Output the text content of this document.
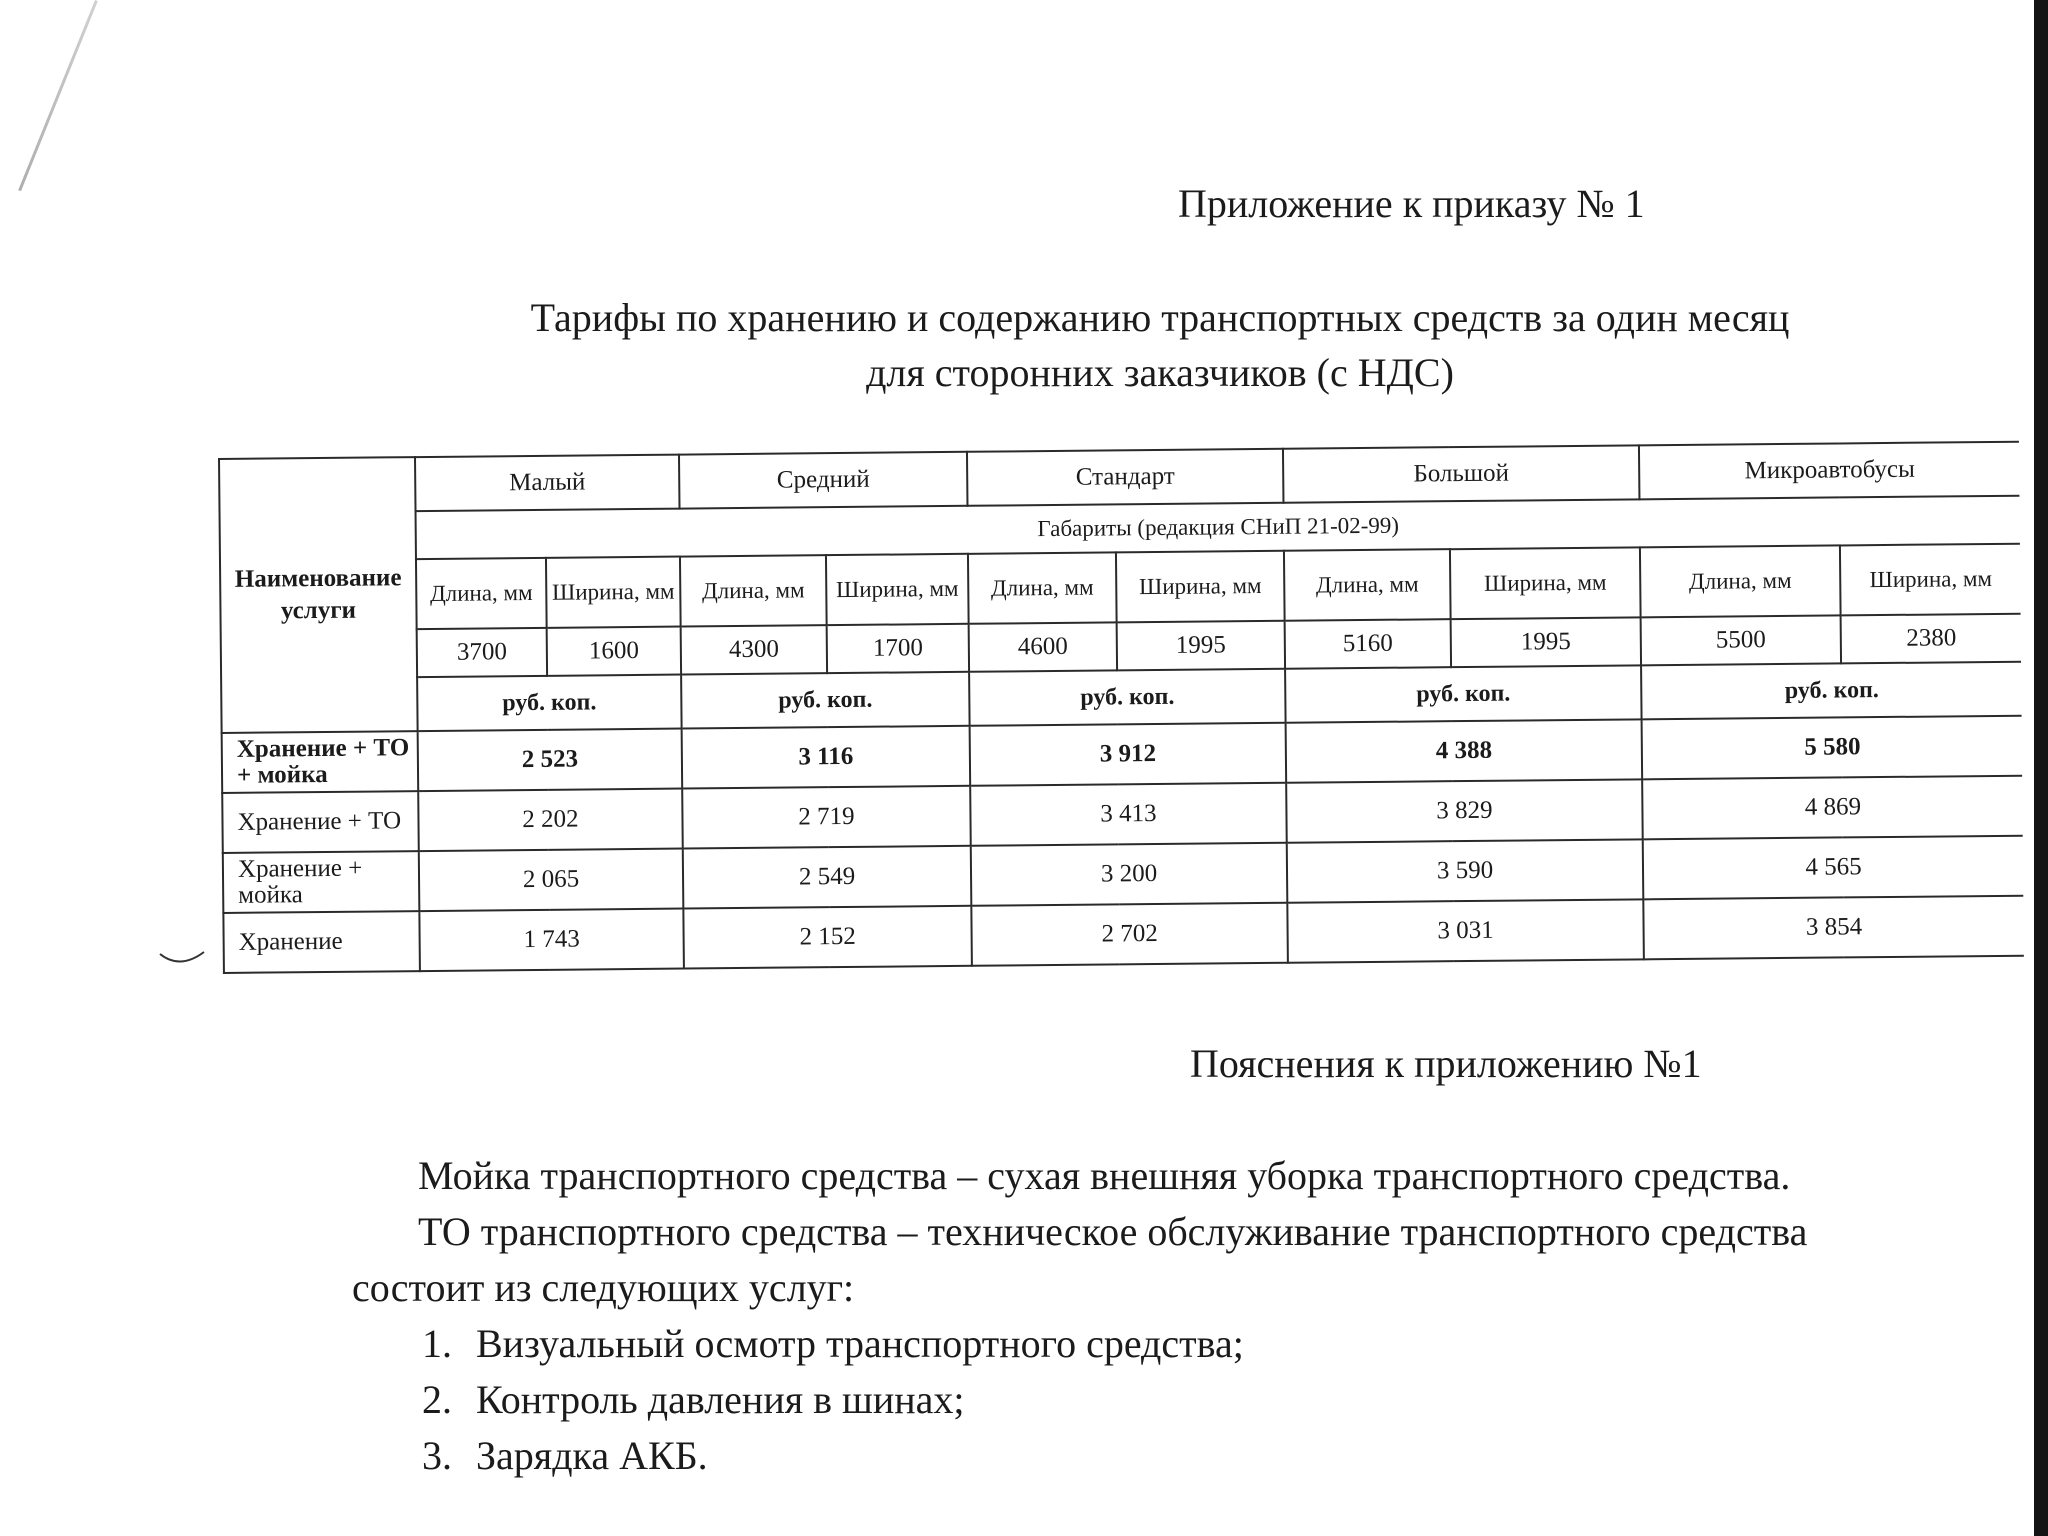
Приложение к приказу № 1
Тарифы по хранению и содержанию транспортных средств за один месяц
для сторонних заказчиков (с НДС)
Наименование услуги	Малый		Средний		Стандарт		Большой		Микроавтобусы	
	Габариты (редакция СНиП 21-02-99)									
	Длина, мм	Ширина, мм	Длина, мм	Ширина, мм	Длина, мм	Ширина, мм	Длина, мм	Ширина, мм	Длина, мм	Ширина, мм
	3700	1600	4300	1700	4600	1995	5160	1995	5500	2380
	руб. коп.		руб. коп.		руб. коп.		руб. коп.		руб. коп.	
Хранение + ТО + мойка	2 523		3 116		3 912		4 388		5 580	
Хранение + ТО	2 202		2 719		3 413		3 829		4 869	
Хранение + мойка	2 065		2 549		3 200		3 590		4 565	
Хранение	1 743		2 152		2 702		3 031		3 854	
Пояснения к приложению №1

Мойка транспортного средства – сухая внешняя уборка транспортного средства.

ТО транспортного средства – техническое обслуживание транспортного средства состоит из следующих услуг:

1. Визуальный осмотр транспортного средства;
2. Контроль давления в шинах;
3. Зарядка АКБ.
